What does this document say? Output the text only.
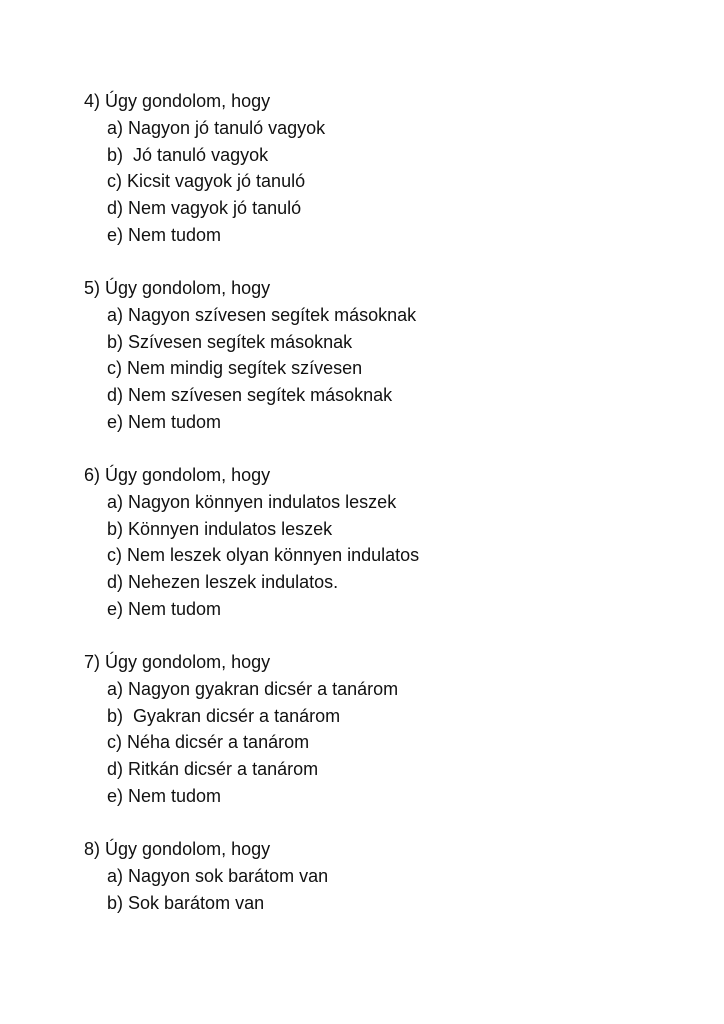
4) Úgy gondolom, hogy
a) Nagyon jó tanuló vagyok
b) Jó tanuló vagyok
c) Kicsit vagyok jó tanuló
d) Nem vagyok jó tanuló
e) Nem tudom
5) Úgy gondolom, hogy
a) Nagyon szívesen segítek másoknak
b) Szívesen segítek másoknak
c) Nem mindig segítek szívesen
d) Nem szívesen segítek másoknak
e) Nem tudom
6) Úgy gondolom, hogy
a) Nagyon könnyen indulatos leszek
b) Könnyen indulatos leszek
c) Nem leszek olyan könnyen indulatos
d) Nehezen leszek indulatos.
e) Nem tudom
7) Úgy gondolom, hogy
a) Nagyon gyakran dicsér a tanárom
b) Gyakran dicsér a tanárom
c) Néha dicsér a tanárom
d) Ritkán dicsér a tanárom
e) Nem tudom
8) Úgy gondolom, hogy
a) Nagyon sok barátom van
b) Sok barátom van
